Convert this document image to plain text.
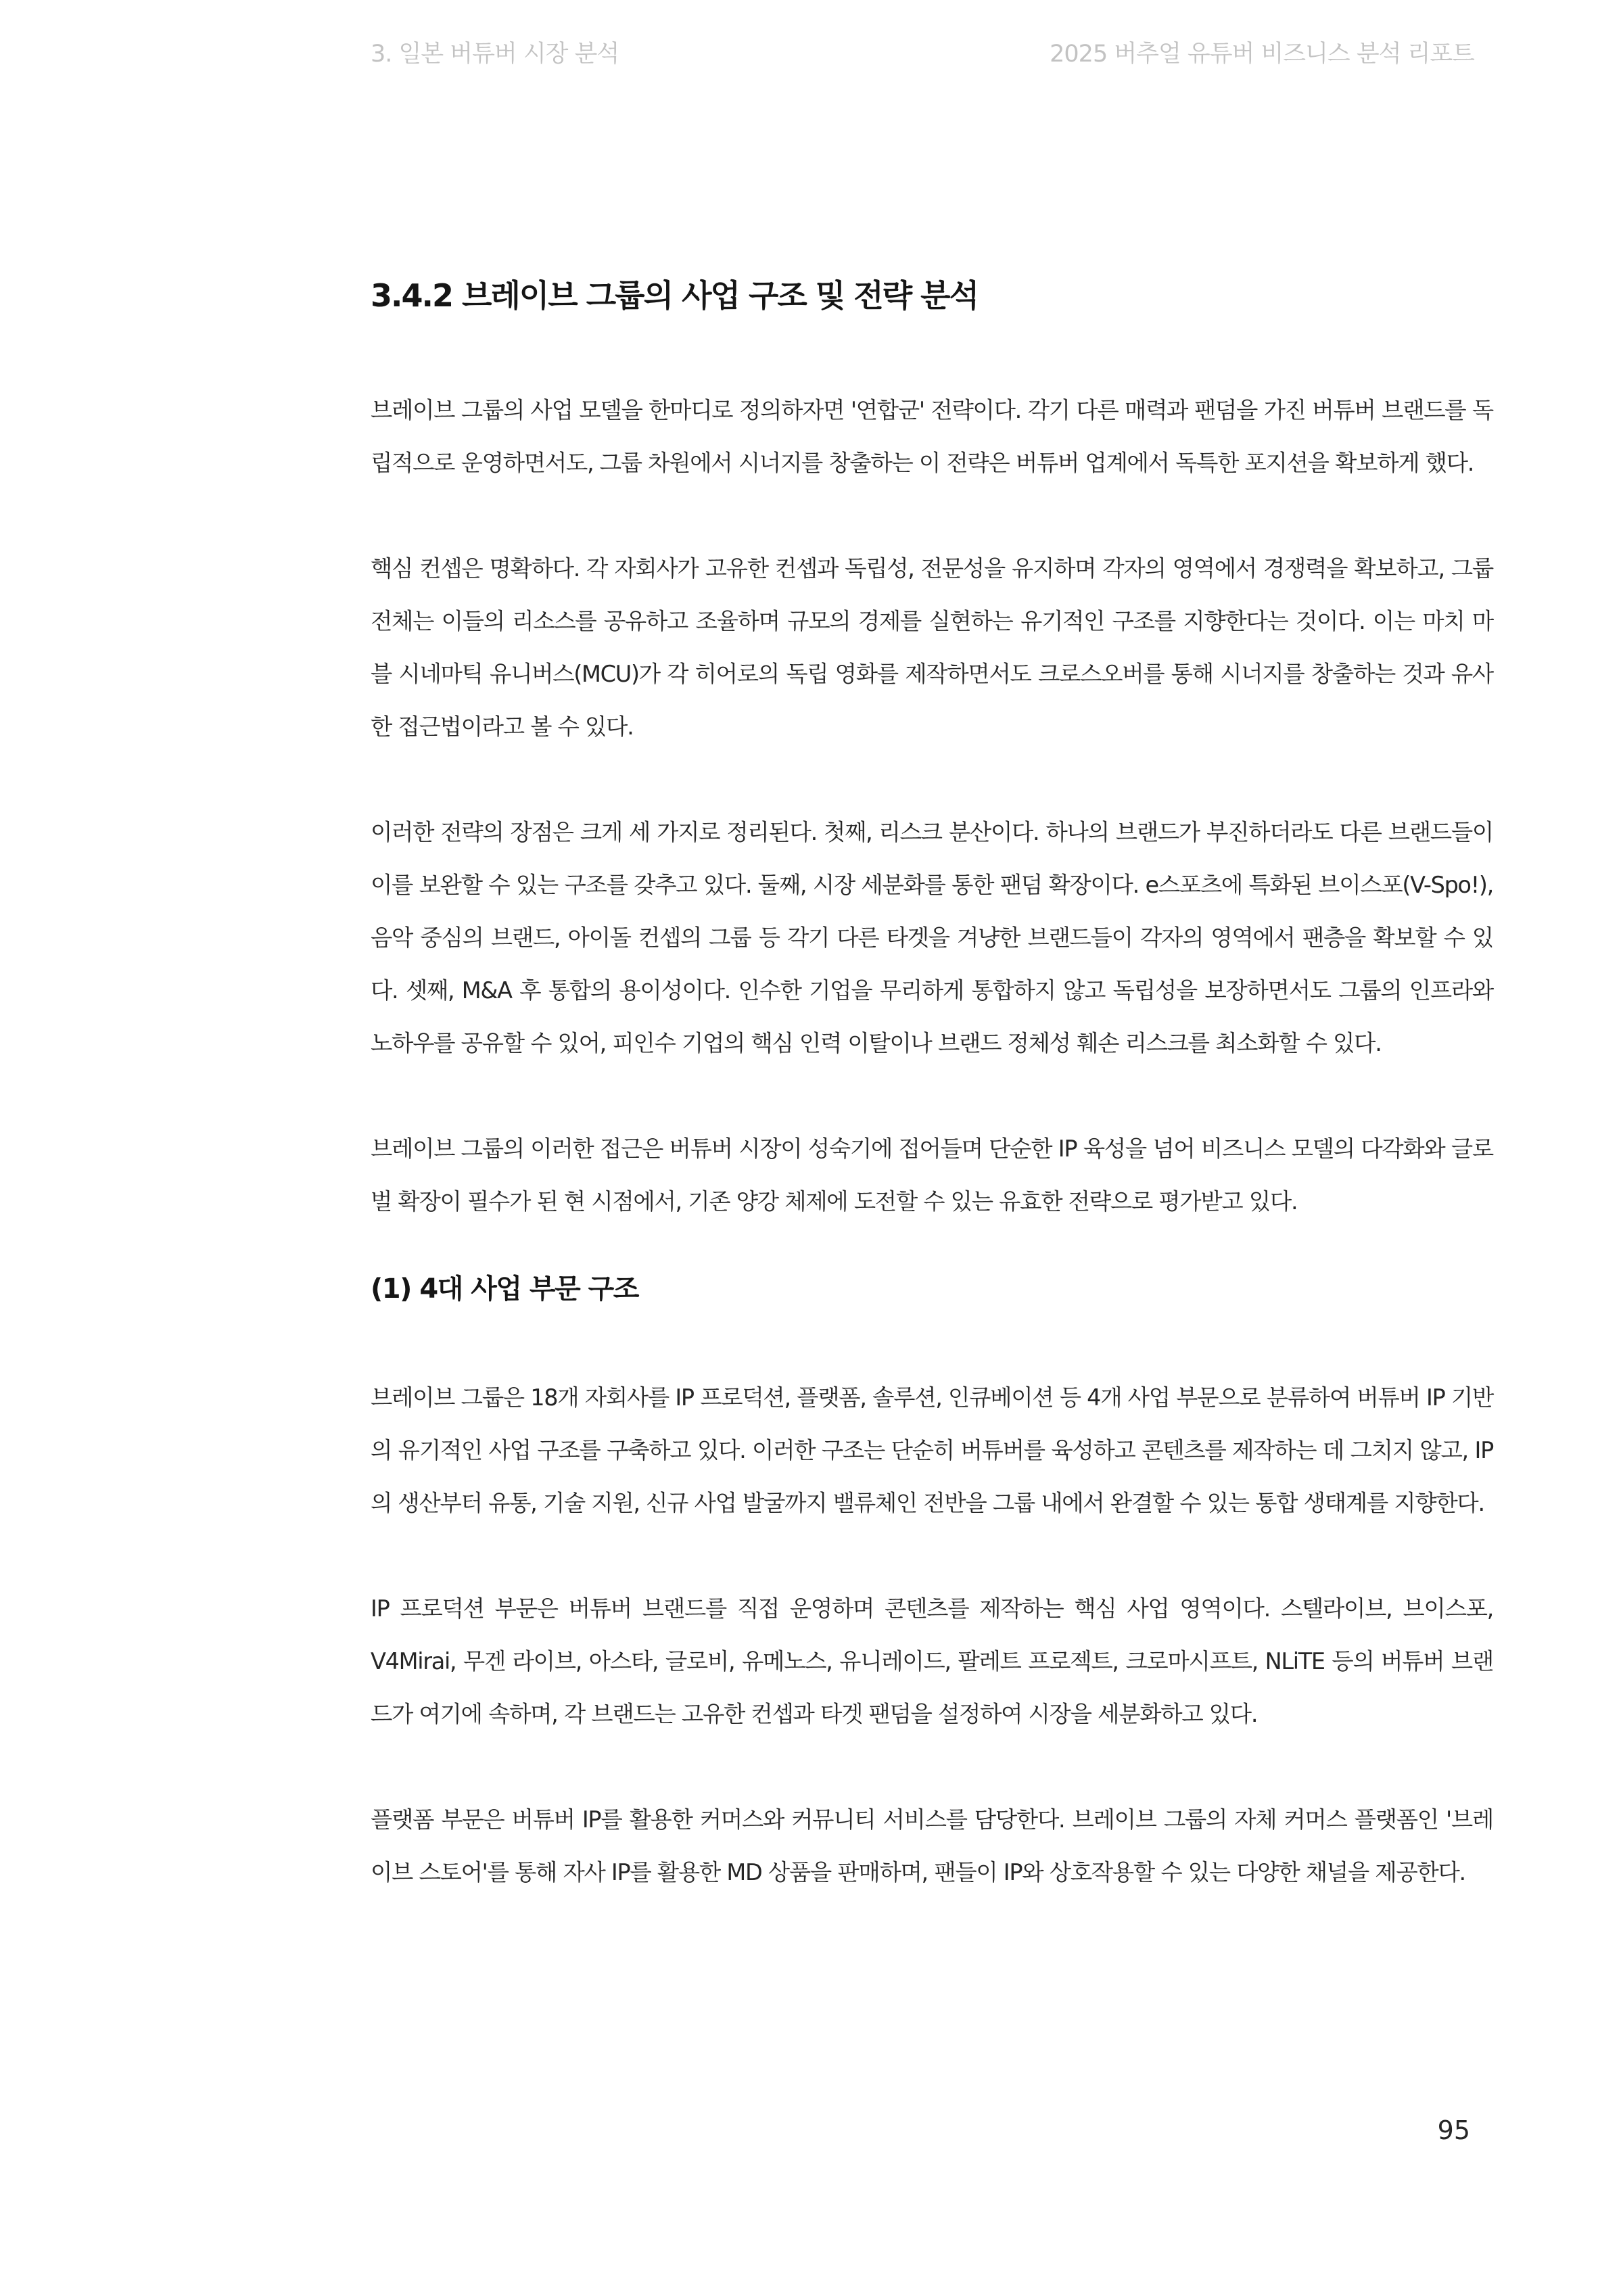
3. 일본 버튜버 시장 분석	2025 버추얼 유튜버 비즈니스 분석 리포트
3.4.2 브레이브 그룹의 사업 구조 및 전략 분석

브레이브 그룹의 사업 모델을 한마디로 정의하자면 '연합군' 전략이다. 각기 다른 매력과 팬덤을 가진 버튜버 브랜드를 독립적으로 운영하면서도, 그룹 차원에서 시너지를 창출하는 이 전략은 버튜버 업계에서 독특한 포지션을 확보하게 했다.

핵심 컨셉은 명확하다. 각 자회사가 고유한 컨셉과 독립성, 전문성을 유지하며 각자의 영역에서 경쟁력을 확보하고, 그룹 전체는 이들의 리소스를 공유하고 조율하며 규모의 경제를 실현하는 유기적인 구조를 지향한다는 것이다. 이는 마치 마블 시네마틱 유니버스(MCU)가 각 히어로의 독립 영화를 제작하면서도 크로스오버를 통해 시너지를 창출하는 것과 유사한 접근법이라고 볼 수 있다.

이러한 전략의 장점은 크게 세 가지로 정리된다. 첫째, 리스크 분산이다. 하나의 브랜드가 부진하더라도 다른 브랜드들이 이를 보완할 수 있는 구조를 갖추고 있다. 둘째, 시장 세분화를 통한 팬덤 확장이다. e스포츠에 특화된 브이스포(V-Spo!), 음악 중심의 브랜드, 아이돌 컨셉의 그룹 등 각기 다른 타겟을 겨냥한 브랜드들이 각자의 영역에서 팬층을 확보할 수 있다. 셋째, M&A 후 통합의 용이성이다. 인수한 기업을 무리하게 통합하지 않고 독립성을 보장하면서도 그룹의 인프라와 노하우를 공유할 수 있어, 피인수 기업의 핵심 인력 이탈이나 브랜드 정체성 훼손 리스크를 최소화할 수 있다.

브레이브 그룹의 이러한 접근은 버튜버 시장이 성숙기에 접어들며 단순한 IP 육성을 넘어 비즈니스 모델의 다각화와 글로벌 확장이 필수가 된 현 시점에서, 기존 양강 체제에 도전할 수 있는 유효한 전략으로 평가받고 있다.

(1) 4대 사업 부문 구조

브레이브 그룹은 18개 자회사를 IP 프로덕션, 플랫폼, 솔루션, 인큐베이션 등 4개 사업 부문으로 분류하여 버튜버 IP 기반의 유기적인 사업 구조를 구축하고 있다. 이러한 구조는 단순히 버튜버를 육성하고 콘텐츠를 제작하는 데 그치지 않고, IP의 생산부터 유통, 기술 지원, 신규 사업 발굴까지 밸류체인 전반을 그룹 내에서 완결할 수 있는 통합 생태계를 지향한다.

IP 프로덕션 부문은 버튜버 브랜드를 직접 운영하며 콘텐츠를 제작하는 핵심 사업 영역이다. 스텔라이브, 브이스포, V4Mirai, 무겐 라이브, 아스타, 글로비, 유메노스, 유니레이드, 팔레트 프로젝트, 크로마시프트, NLiTE 등의 버튜버 브랜드가 여기에 속하며, 각 브랜드는 고유한 컨셉과 타겟 팬덤을 설정하여 시장을 세분화하고 있다.

플랫폼 부문은 버튜버 IP를 활용한 커머스와 커뮤니티 서비스를 담당한다. 브레이브 그룹의 자체 커머스 플랫폼인 '브레이브 스토어'를 통해 자사 IP를 활용한 MD 상품을 판매하며, 팬들이 IP와 상호작용할 수 있는 다양한 채널을 제공한다.

95
